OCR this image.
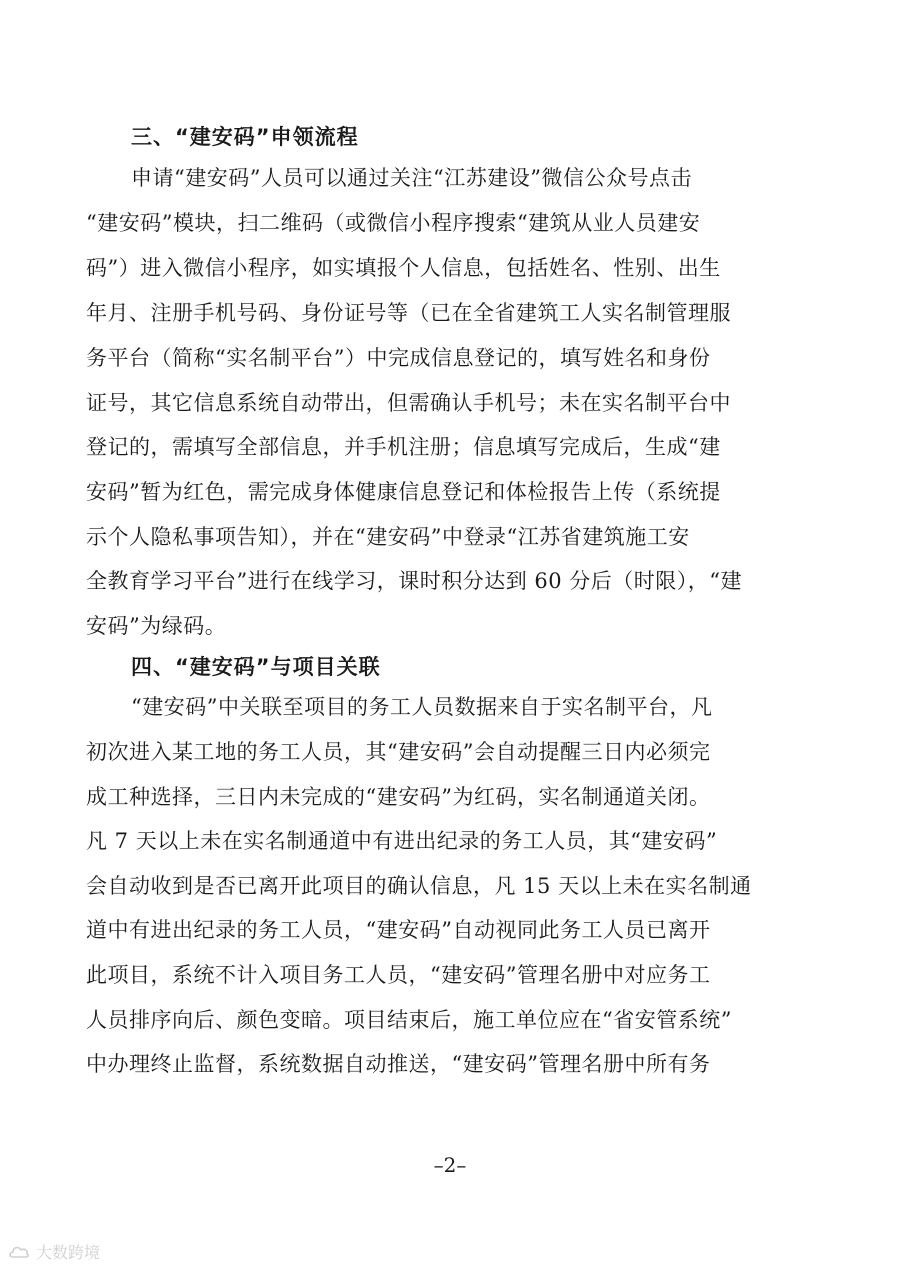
三、“建安码”申领流程
申请“建安码”人员可以通过关注“江苏建设”微信公众号点击
“建安码”模块，扫二维码（或微信小程序搜索“建筑从业人员建安
码”）进入微信小程序，如实填报个人信息，包括姓名、性别、出生
年月、注册手机号码、身份证号等（已在全省建筑工人实名制管理服
务平台（简称“实名制平台”）中完成信息登记的，填写姓名和身份
证号，其它信息系统自动带出，但需确认手机号；未在实名制平台中
登记的，需填写全部信息，并手机注册；信息填写完成后，生成“建
安码”暂为红色，需完成身体健康信息登记和体检报告上传（系统提
示个人隐私事项告知），并在“建安码”中登录“江苏省建筑施工安
全教育学习平台”进行在线学习，课时积分达到 60 分后（时限），“建
安码”为绿码。
四、“建安码”与项目关联
“建安码”中关联至项目的务工人员数据来自于实名制平台，凡
初次进入某工地的务工人员，其“建安码”会自动提醒三日内必须完
成工种选择，三日内未完成的“建安码”为红码，实名制通道关闭。
凡 7 天以上未在实名制通道中有进出纪录的务工人员，其“建安码”
会自动收到是否已离开此项目的确认信息，凡 15 天以上未在实名制通
道中有进出纪录的务工人员，“建安码”自动视同此务工人员已离开
此项目，系统不计入项目务工人员，“建安码”管理名册中对应务工
人员排序向后、颜色变暗。项目结束后，施工单位应在“省安管系统”
中办理终止监督，系统数据自动推送，“建安码”管理名册中所有务
–2–
大数跨境
